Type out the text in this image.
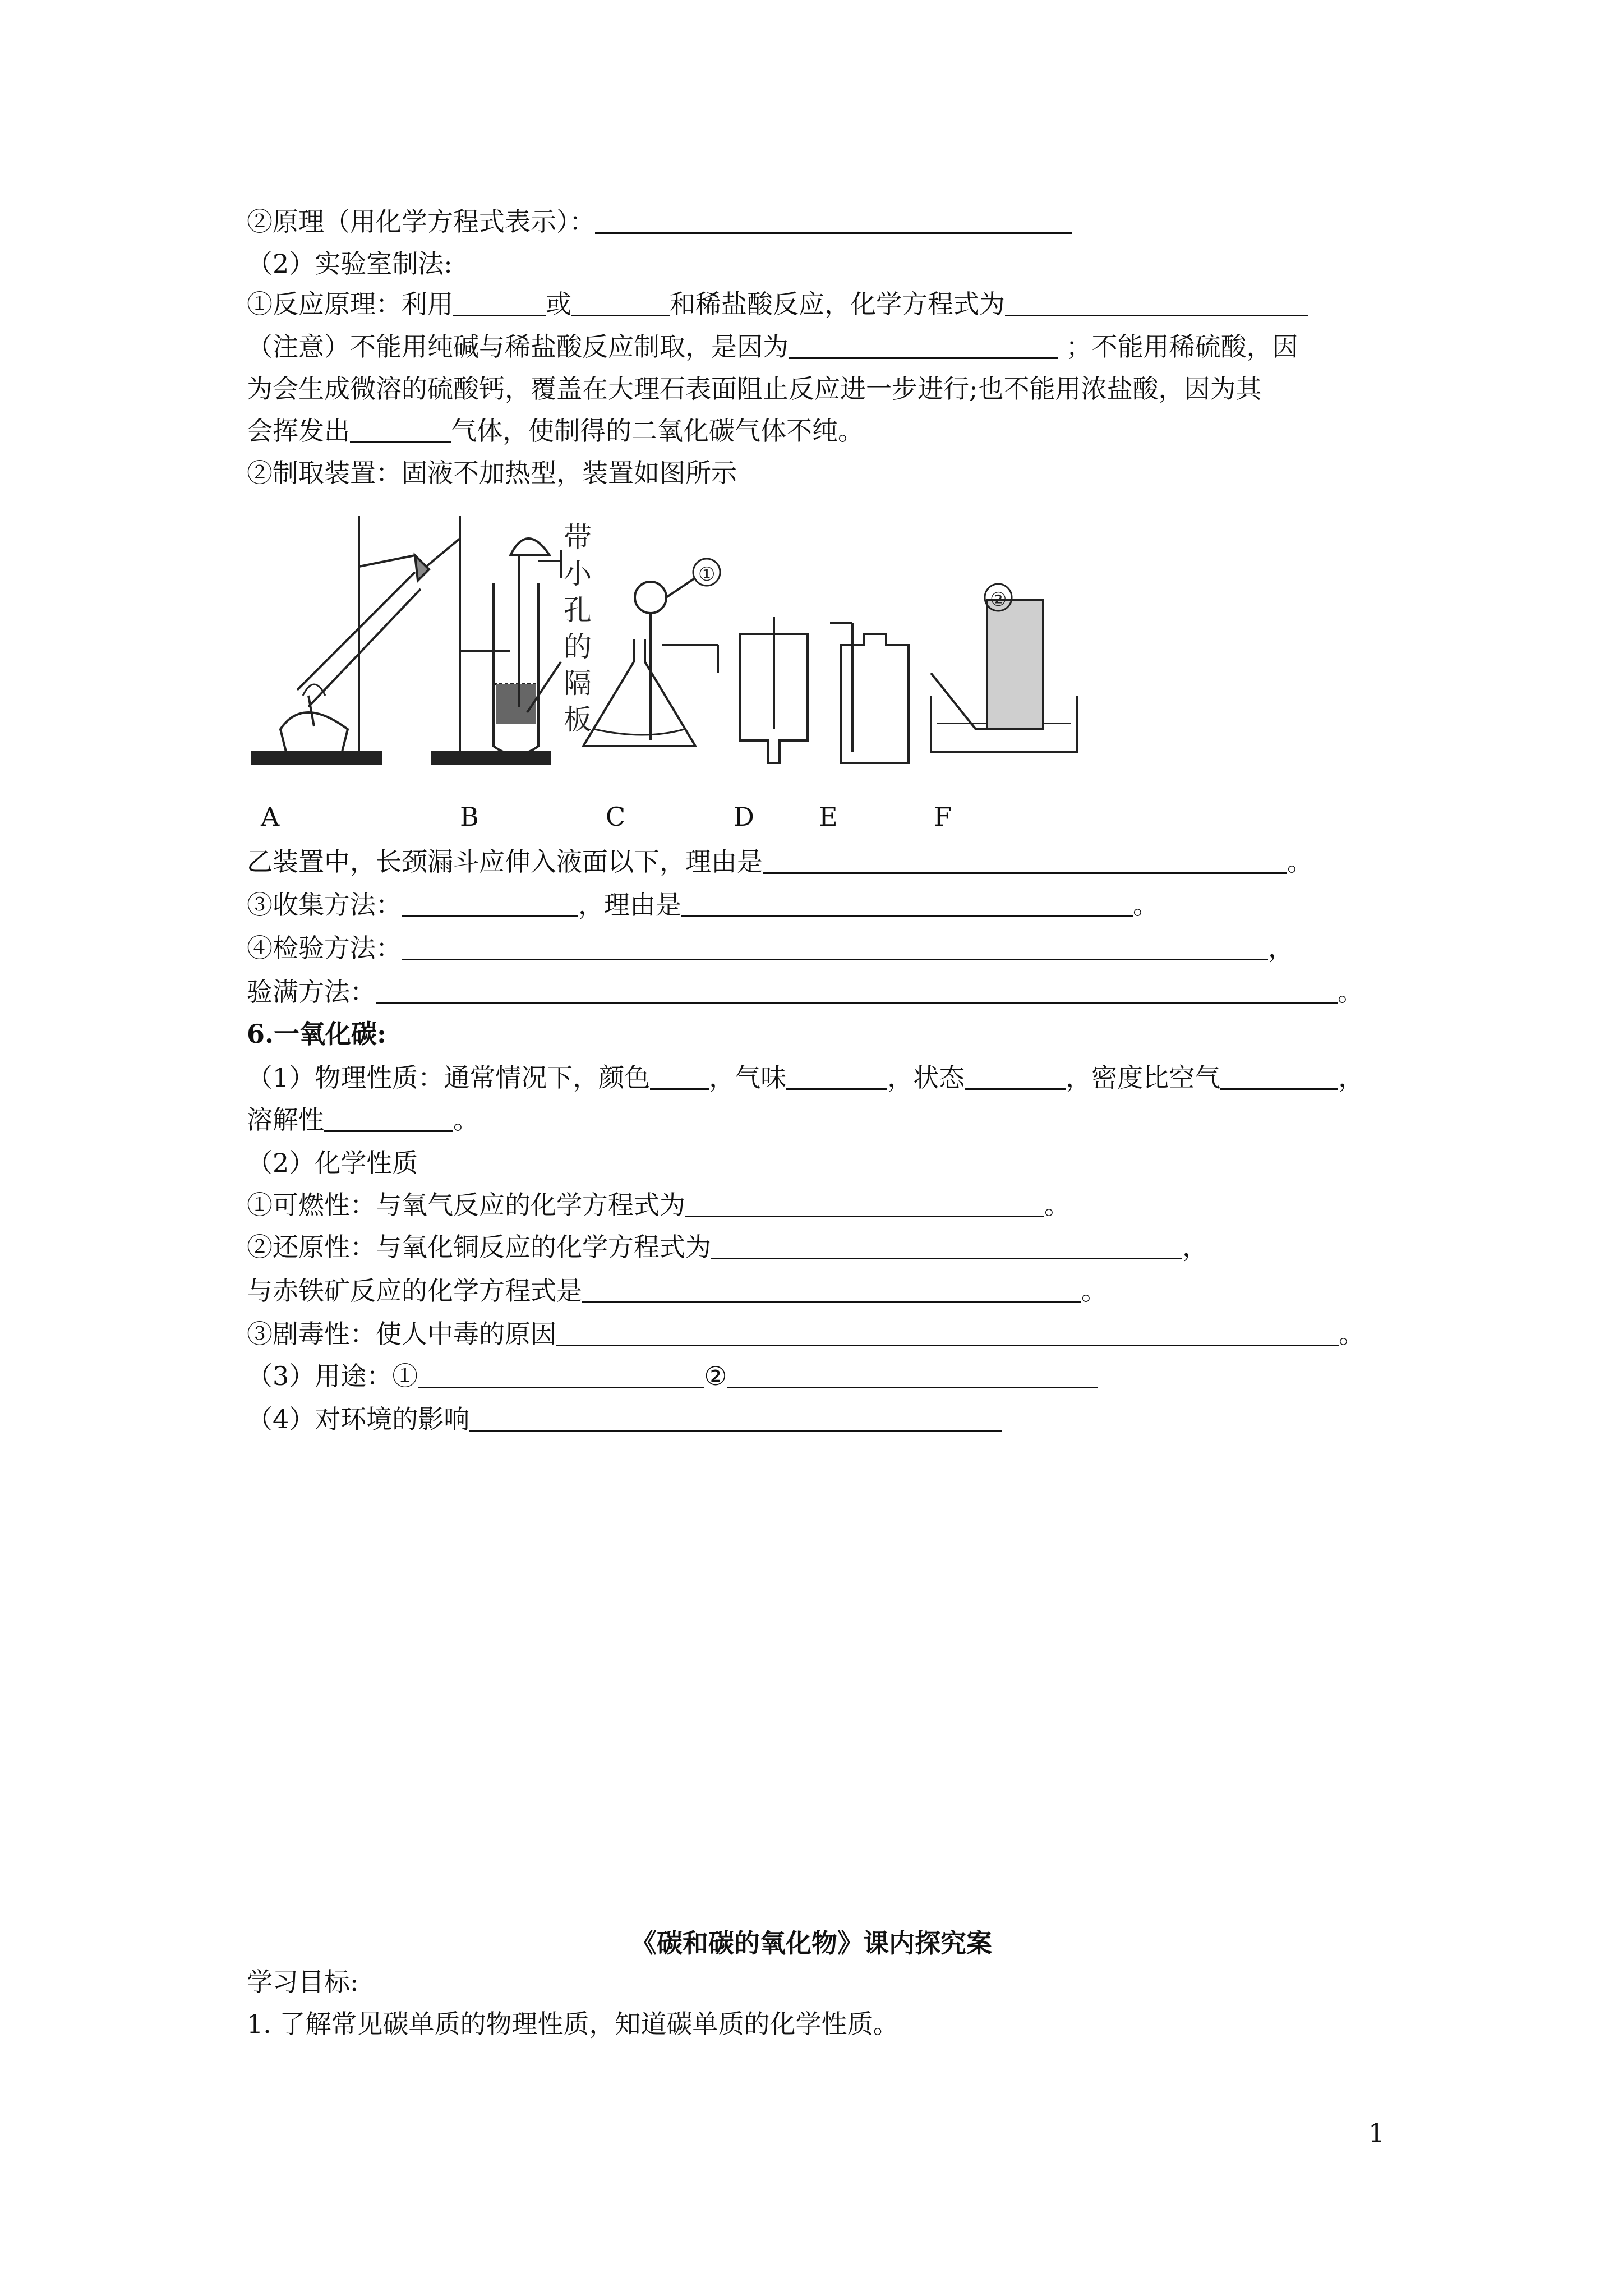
②原理（用化学方程式表示）：
（2）实验室制法:
①反应原理：利用	或	和稀盐酸反应，化学方程式为
（注意）不能用纯碱与稀盐酸反应制取，是因为	；不能用稀硫酸，因
为会生成微溶的硫酸钙，覆盖在大理石表面阻止反应进一步进行;也不能用浓盐酸，因为其
会挥发出	气体，使制得的二氧化碳气体不纯。
②制取装置：固液不加热型，装置如图所示
带
小
孔
的
隔
板
①
②
A	B	C	D	E	F
乙装置中，长颈漏斗应伸入液面以下，理由是	。
③收集方法：	，理由是	。
④检验方法：	，
验满方法：	。
6.一氧化碳:
（1）物理性质：通常情况下，颜色 ，气味	，状态	，密度比空气	，
溶解性	。
（2）化学性质
①可燃性：与氧气反应的化学方程式为	。
②还原性：与氧化铜反应的化学方程式为	，
与赤铁矿反应的化学方程式是	。
③剧毒性：使人中毒的原因	。
（3）用途：①	②
（4）对环境的影响
《碳和碳的氧化物》课内探究案
学习目标:
1. 了解常见碳单质的物理性质，知道碳单质的化学性质。
1
